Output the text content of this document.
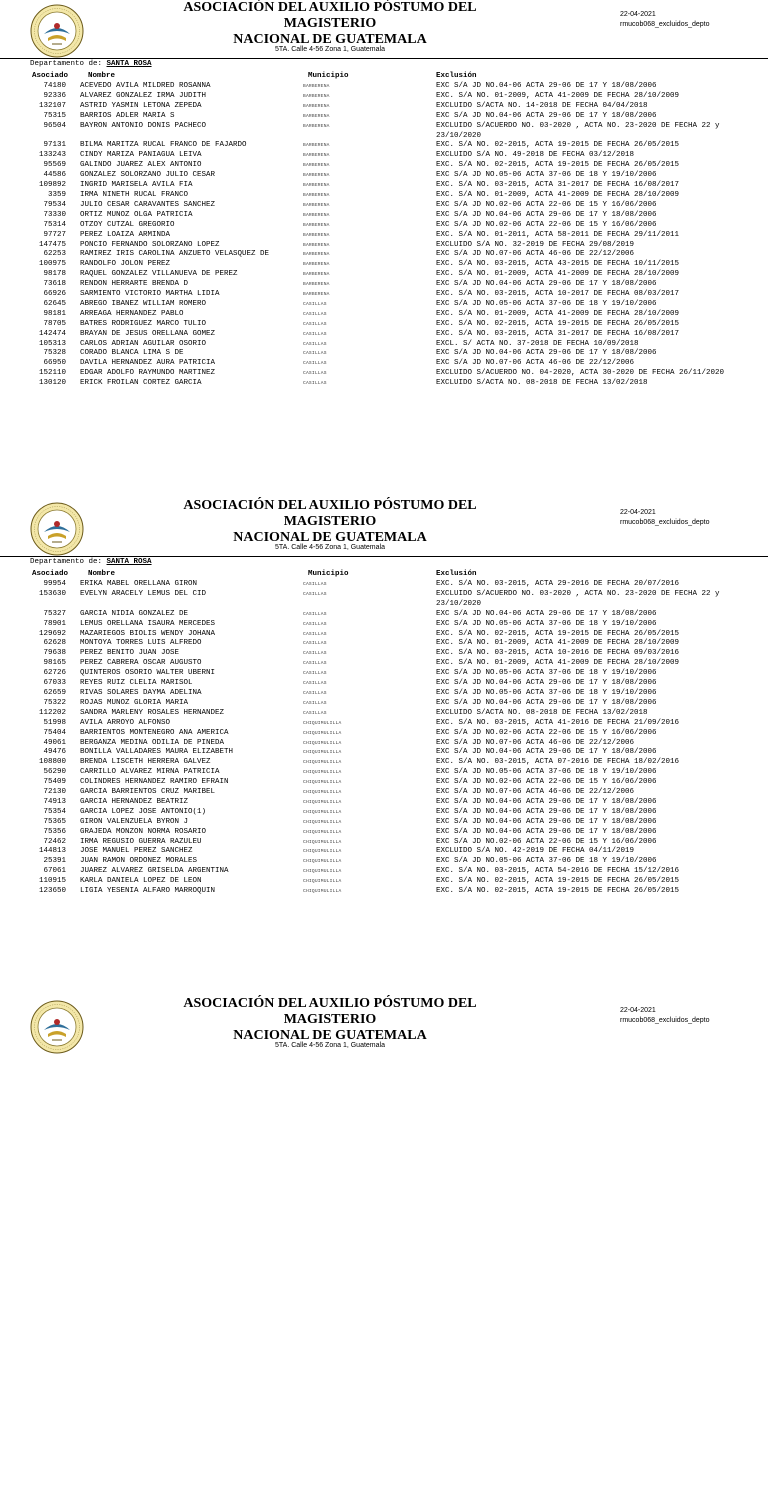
ASOCIACIÓN DEL AUXILIO PÓSTUMO DEL
MAGISTERIO
NACIONAL DE GUATEMALA
5TA. Calle 4-56 Zona 1, Guatemala
22-04-2021
rmucob068_excluidos_depto
Departamento de: SANTA ROSA
Asociado	Nombre	Municipio	Exclusión
74180 ACEVEDO AVILA MILDRED ROSANNA	BARBERENA	EXC S/A JD NO.04-06 ACTA 29-06 DE 17 Y 18/08/2006
92336 ALVAREZ GONZALEZ IRMA JUDITH	BARBERENA	EXC. S/A NO. 01-2009, ACTA 41-2009 DE FECHA 28/10/2009
132107 ASTRID YASMIN LETONA ZEPEDA	BARBERENA	EXCLUIDO S/ACTA NO. 14-2018 DE FECHA 04/04/2018
75315 BARRIOS ADLER MARIA S	BARBERENA	EXC S/A JD NO.04-06 ACTA 29-06 DE 17 Y 18/08/2006
96504 BAYRON ANTONIO DONIS PACHECO	BARBERENA	EXCLUIDO S/ACUERDO NO. 03-2020 , ACTA NO. 23-2020 DE FECHA 22 y 23/10/2020
97131 BILMA MARITZA RUCAL FRANCO DE FAJARDO	BARBERENA	EXC. S/A NO. 02-2015, ACTA 19-2015 DE FECHA 26/05/2015
133243 CINDY MARIZA PANIAGUA LEIVA	BARBERENA	EXCLUIDO S/A NO. 49-2018 DE FECHA 03/12/2018
95569 GALINDO JUAREZ ALEX ANTONIO	BARBERENA	EXC. S/A NO. 02-2015, ACTA 19-2015 DE FECHA 26/05/2015
44586 GONZALEZ SOLORZANO JULIO CESAR	BARBERENA	EXC S/A JD NO.05-06 ACTA 37-06 DE 18 Y 19/10/2006
109892 INGRID MARISELA AVILA FIA	BARBERENA	EXC. S/A NO. 03-2015, ACTA 31-2017 DE FECHA 16/08/2017
3359 IRMA NINETH RUCAL FRANCO	BARBERENA	EXC. S/A NO. 01-2009, ACTA 41-2009 DE FECHA 28/10/2009
79534 JULIO CESAR CARAVANTES SANCHEZ	BARBERENA	EXC S/A JD NO.02-06 ACTA 22-06 DE 15 Y 16/06/2006
73330 ORTIZ MUÑOZ OLGA PATRICIA	BARBERENA	EXC S/A JD NO.04-06 ACTA 29-06 DE 17 Y 18/08/2006
75314 OTZOY CUTZAL GREGORIO	BARBERENA	EXC S/A JD NO.02-06 ACTA 22-06 DE 15 Y 16/06/2006
97727 PEREZ LOAIZA ARMINDA	BARBERENA	EXC. S/A NO. 01-2011, ACTA 58-2011 DE FECHA 29/11/2011
147475 PONCIO FERNANDO SOLORZANO LOPEZ	BARBERENA	EXCLUIDO S/A NO. 32-2019 DE FECHA 29/08/2019
62253 RAMIREZ IRIS CAROLINA ANZUETO VELASQUEZ DE	BARBERENA	EXC S/A JD NO.07-06 ACTA 46-06 DE 22/12/2006
100975 RANDOLFO JOLON PEREZ	BARBERENA	EXC. S/A NO. 03-2015, ACTA 43-2015 DE FECHA 10/11/2015
98178 RAQUEL GONZALEZ VILLANUEVA DE PEREZ	BARBERENA	EXC. S/A NO. 01-2009, ACTA 41-2009 DE FECHA 28/10/2009
73618 RENDON HERRARTE BRENDA D	BARBERENA	EXC S/A JD NO.04-06 ACTA 29-06 DE 17 Y 18/08/2006
66926 SARMIENTO VICTORIO MARTHA LIDIA	BARBERENA	EXC. S/A NO. 03-2015, ACTA 10-2017 DE FECHA 08/03/2017
62645 ABREGO IBAÑEZ WILLIAM ROMERO	CASILLAS	EXC S/A JD NO.05-06 ACTA 37-06 DE 18 Y 19/10/2006
98181 ARREAGA HERNANDEZ PABLO	CASILLAS	EXC. S/A NO. 01-2009, ACTA 41-2009 DE FECHA 28/10/2009
78705 BATRES RODRIGUEZ MARCO TULIO	CASILLAS	EXC. S/A NO. 02-2015, ACTA 19-2015 DE FECHA 26/05/2015
142474 BRAYAN DE JESUS ORELLANA GOMEZ	CASILLAS	EXC. S/A NO. 03-2015, ACTA 31-2017 DE FECHA 16/08/2017
105313 CARLOS ADRIAN AGUILAR OSORIO	CASILLAS	EXCL. S/ ACTA NO. 37-2018 DE FECHA 10/09/2018
75328 CORADO BLANCA LIMA S DE	CASILLAS	EXC S/A JD NO.04-06 ACTA 29-06 DE 17 Y 18/08/2006
66950 DAVILA HERNANDEZ AURA PATRICIA	CASILLAS	EXC S/A JD NO.07-06 ACTA 46-06 DE 22/12/2006
152110 EDGAR ADOLFO RAYMUNDO MARTINEZ	CASILLAS	EXCLUIDO S/ACUERDO NO. 04-2020, ACTA 30-2020 DE FECHA 26/11/2020
130120 ERICK FROILAN CORTEZ GARCIA	CASILLAS	EXCLUIDO S/ACTA NO. 08-2018 DE FECHA 13/02/2018
ASOCIACIÓN DEL AUXILIO PÓSTUMO DEL
MAGISTERIO
NACIONAL DE GUATEMALA
5TA. Calle 4-56 Zona 1, Guatemala
22-04-2021
rmucob068_excluidos_depto
Departamento de: SANTA ROSA
Asociado	Nombre	Municipio	Exclusión
99954 ERIKA MABEL ORELLANA GIRON	CASILLAS	EXC. S/A NO. 03-2015, ACTA 29-2016 DE FECHA 20/07/2016
153630 EVELYN ARACELY LEMUS DEL CID	CASILLAS	EXCLUIDO S/ACUERDO NO. 03-2020 , ACTA NO. 23-2020 DE FECHA 22 y 23/10/2020
75327 GARCIA NIDIA GONZALEZ DE	CASILLAS	EXC S/A JD NO.04-06 ACTA 29-06 DE 17 Y 18/08/2006
78901 LEMUS ORELLANA ISAURA MERCEDES	CASILLAS	EXC S/A JD NO.05-06 ACTA 37-06 DE 18 Y 19/10/2006
129692 MAZARIEGOS BIOLIS WENDY JOHANA	CASILLAS	EXC. S/A NO. 02-2015, ACTA 19-2015 DE FECHA 26/05/2015
62628 MONTOYA TORRES LUIS ALFREDO	CASILLAS	EXC. S/A NO. 01-2009, ACTA 41-2009 DE FECHA 28/10/2009
79638 PEREZ BENITO JUAN JOSE	CASILLAS	EXC. S/A NO. 03-2015, ACTA 10-2016 DE FECHA 09/03/2016
98165 PEREZ CABRERA OSCAR AUGUSTO	CASILLAS	EXC. S/A NO. 01-2009, ACTA 41-2009 DE FECHA 28/10/2009
62726 QUINTEROS OSORIO WALTER UBERNI	CASILLAS	EXC S/A JD NO.05-06 ACTA 37-06 DE 18 Y 19/10/2006
67033 REYES RUIZ CLELIA MARISOL	CASILLAS	EXC S/A JD NO.04-06 ACTA 29-06 DE 17 Y 18/08/2006
62659 RIVAS SOLARES DAYMA ADELINA	CASILLAS	EXC S/A JD NO.05-06 ACTA 37-06 DE 18 Y 19/10/2006
75322 ROJAS MUÑOZ GLORIA MARIA	CASILLAS	EXC S/A JD NO.04-06 ACTA 29-06 DE 17 Y 18/08/2006
112202 SANDRA MARLENY ROSALES HERNANDEZ	CASILLAS	EXCLUIDO S/ACTA NO. 08-2018 DE FECHA 13/02/2018
51998 AVILA ARROYO ALFONSO	CHIQUIMULILLA	EXC. S/A NO. 03-2015, ACTA 41-2016 DE FECHA 21/09/2016
75404 BARRIENTOS MONTENEGRO ANA AMERICA	CHIQUIMULILLA	EXC S/A JD NO.02-06 ACTA 22-06 DE 15 Y 16/06/2006
49061 BERGANZA MEDINA ODILIA DE PINEDA	CHIQUIMULILLA	EXC S/A JD NO.07-06 ACTA 46-06 DE 22/12/2006
49476 BONILLA VALLADARES MAURA ELIZABETH	CHIQUIMULILLA	EXC S/A JD NO.04-06 ACTA 29-06 DE 17 Y 18/08/2006
108800 BRENDA LISCETH HERRERA GALVEZ	CHIQUIMULILLA	EXC. S/A NO. 03-2015, ACTA 07-2016 DE FECHA 18/02/2016
56290 CARRILLO ALVAREZ MIRNA PATRICIA	CHIQUIMULILLA	EXC S/A JD NO.05-06 ACTA 37-06 DE 18 Y 19/10/2006
75409 COLINDRES HERNANDEZ RAMIRO EFRAIN	CHIQUIMULILLA	EXC S/A JD NO.02-06 ACTA 22-06 DE 15 Y 16/06/2006
72130 GARCIA BARRIENTOS CRUZ MARIBEL	CHIQUIMULILLA	EXC S/A JD NO.07-06 ACTA 46-06 DE 22/12/2006
74913 GARCIA HERNANDEZ BEATRIZ	CHIQUIMULILLA	EXC S/A JD NO.04-06 ACTA 29-06 DE 17 Y 18/08/2006
75354 GARCIA LOPEZ JOSE ANTONIO(1)	CHIQUIMULILLA	EXC S/A JD NO.04-06 ACTA 29-06 DE 17 Y 18/08/2006
75365 GIRON VALENZUELA BYRON J	CHIQUIMULILLA	EXC S/A JD NO.04-06 ACTA 29-06 DE 17 Y 18/08/2006
75356 GRAJEDA MONZON NORMA ROSARIO	CHIQUIMULILLA	EXC S/A JD NO.04-06 ACTA 29-06 DE 17 Y 18/08/2006
72462 IRMA REGUSIO GUERRA RAZULEU	CHIQUIMULILLA	EXC S/A JD NO.02-06 ACTA 22-06 DE 15 Y 16/06/2006
144813 JOSE MANUEL PEREZ SANCHEZ	CHIQUIMULILLA	EXCLUIDO S/A NO. 42-2019 DE FECHA 04/11/2019
25391 JUAN RAMON ORDOÑEZ MORALES	CHIQUIMULILLA	EXC S/A JD NO.05-06 ACTA 37-06 DE 18 Y 19/10/2006
67061 JUAREZ ALVAREZ GRISELDA ARGENTINA	CHIQUIMULILLA	EXC. S/A NO. 03-2015, ACTA 54-2016 DE FECHA 15/12/2016
110915 KARLA DANIELA LOPEZ DE LEON	CHIQUIMULILLA	EXC. S/A NO. 02-2015, ACTA 19-2015 DE FECHA 26/05/2015
123650 LIGIA YESENIA ALFARO MARROQUIN	CHIQUIMULILLA	EXC. S/A NO. 02-2015, ACTA 19-2015 DE FECHA 26/05/2015
ASOCIACIÓN DEL AUXILIO PÓSTUMO DEL
MAGISTERIO
NACIONAL DE GUATEMALA
5TA. Calle 4-56 Zona 1, Guatemala
22-04-2021
rmucob068_excluidos_depto
